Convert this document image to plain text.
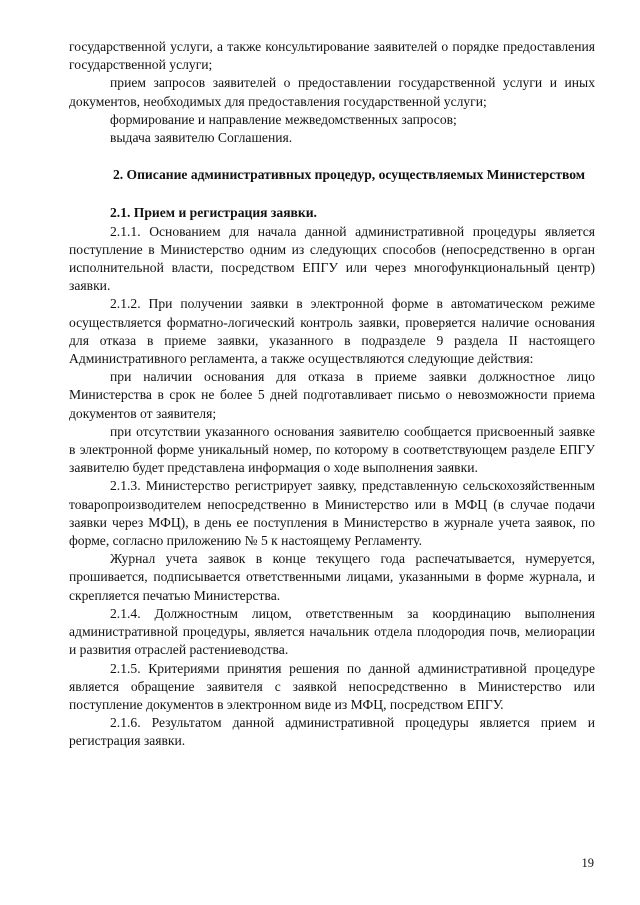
государственной услуги, а также консультирование заявителей о порядке предоставления государственной услуги;

прием запросов заявителей о предоставлении государственной услуги и иных документов, необходимых для предоставления государственной услуги;

формирование и направление межведомственных запросов;

выдача заявителю Соглашения.

2. Описание административных процедур, осуществляемых Министерством

2.1. Прием и регистрация заявки.

2.1.1. Основанием для начала данной административной процедуры является поступление в Министерство одним из следующих способов (непосредственно в орган исполнительной власти, посредством ЕПГУ или через многофункциональный центр) заявки.

2.1.2. При получении заявки в электронной форме в автоматическом режиме осуществляется форматно-логический контроль заявки, проверяется наличие основания для отказа в приеме заявки, указанного в подразделе 9 раздела II настоящего Административного регламента, а также осуществляются следующие действия:

при наличии основания для отказа в приеме заявки должностное лицо Министерства в срок не более 5 дней подготавливает письмо о невозможности приема документов от заявителя;

при отсутствии указанного основания заявителю сообщается присвоенный заявке в электронной форме уникальный номер, по которому в соответствующем разделе ЕПГУ заявителю будет представлена информация о ходе выполнения заявки.

2.1.3. Министерство регистрирует заявку, представленную сельскохозяйственным товаропроизводителем непосредственно в Министерство или в МФЦ (в случае подачи заявки через МФЦ), в день ее поступления в Министерство в журнале учета заявок, по форме, согласно приложению № 5 к настоящему Регламенту.

Журнал учета заявок в конце текущего года распечатывается, нумеруется, прошивается, подписывается ответственными лицами, указанными в форме журнала, и скрепляется печатью Министерства.

2.1.4. Должностным лицом, ответственным за координацию выполнения административной процедуры, является начальник отдела плодородия почв, мелиорации и развития отраслей растениеводства.

2.1.5. Критериями принятия решения по данной административной процедуре является обращение заявителя с заявкой непосредственно в Министерство или поступление документов в электронном виде из МФЦ, посредством ЕПГУ.

2.1.6. Результатом данной административной процедуры является прием и регистрация заявки.

19
